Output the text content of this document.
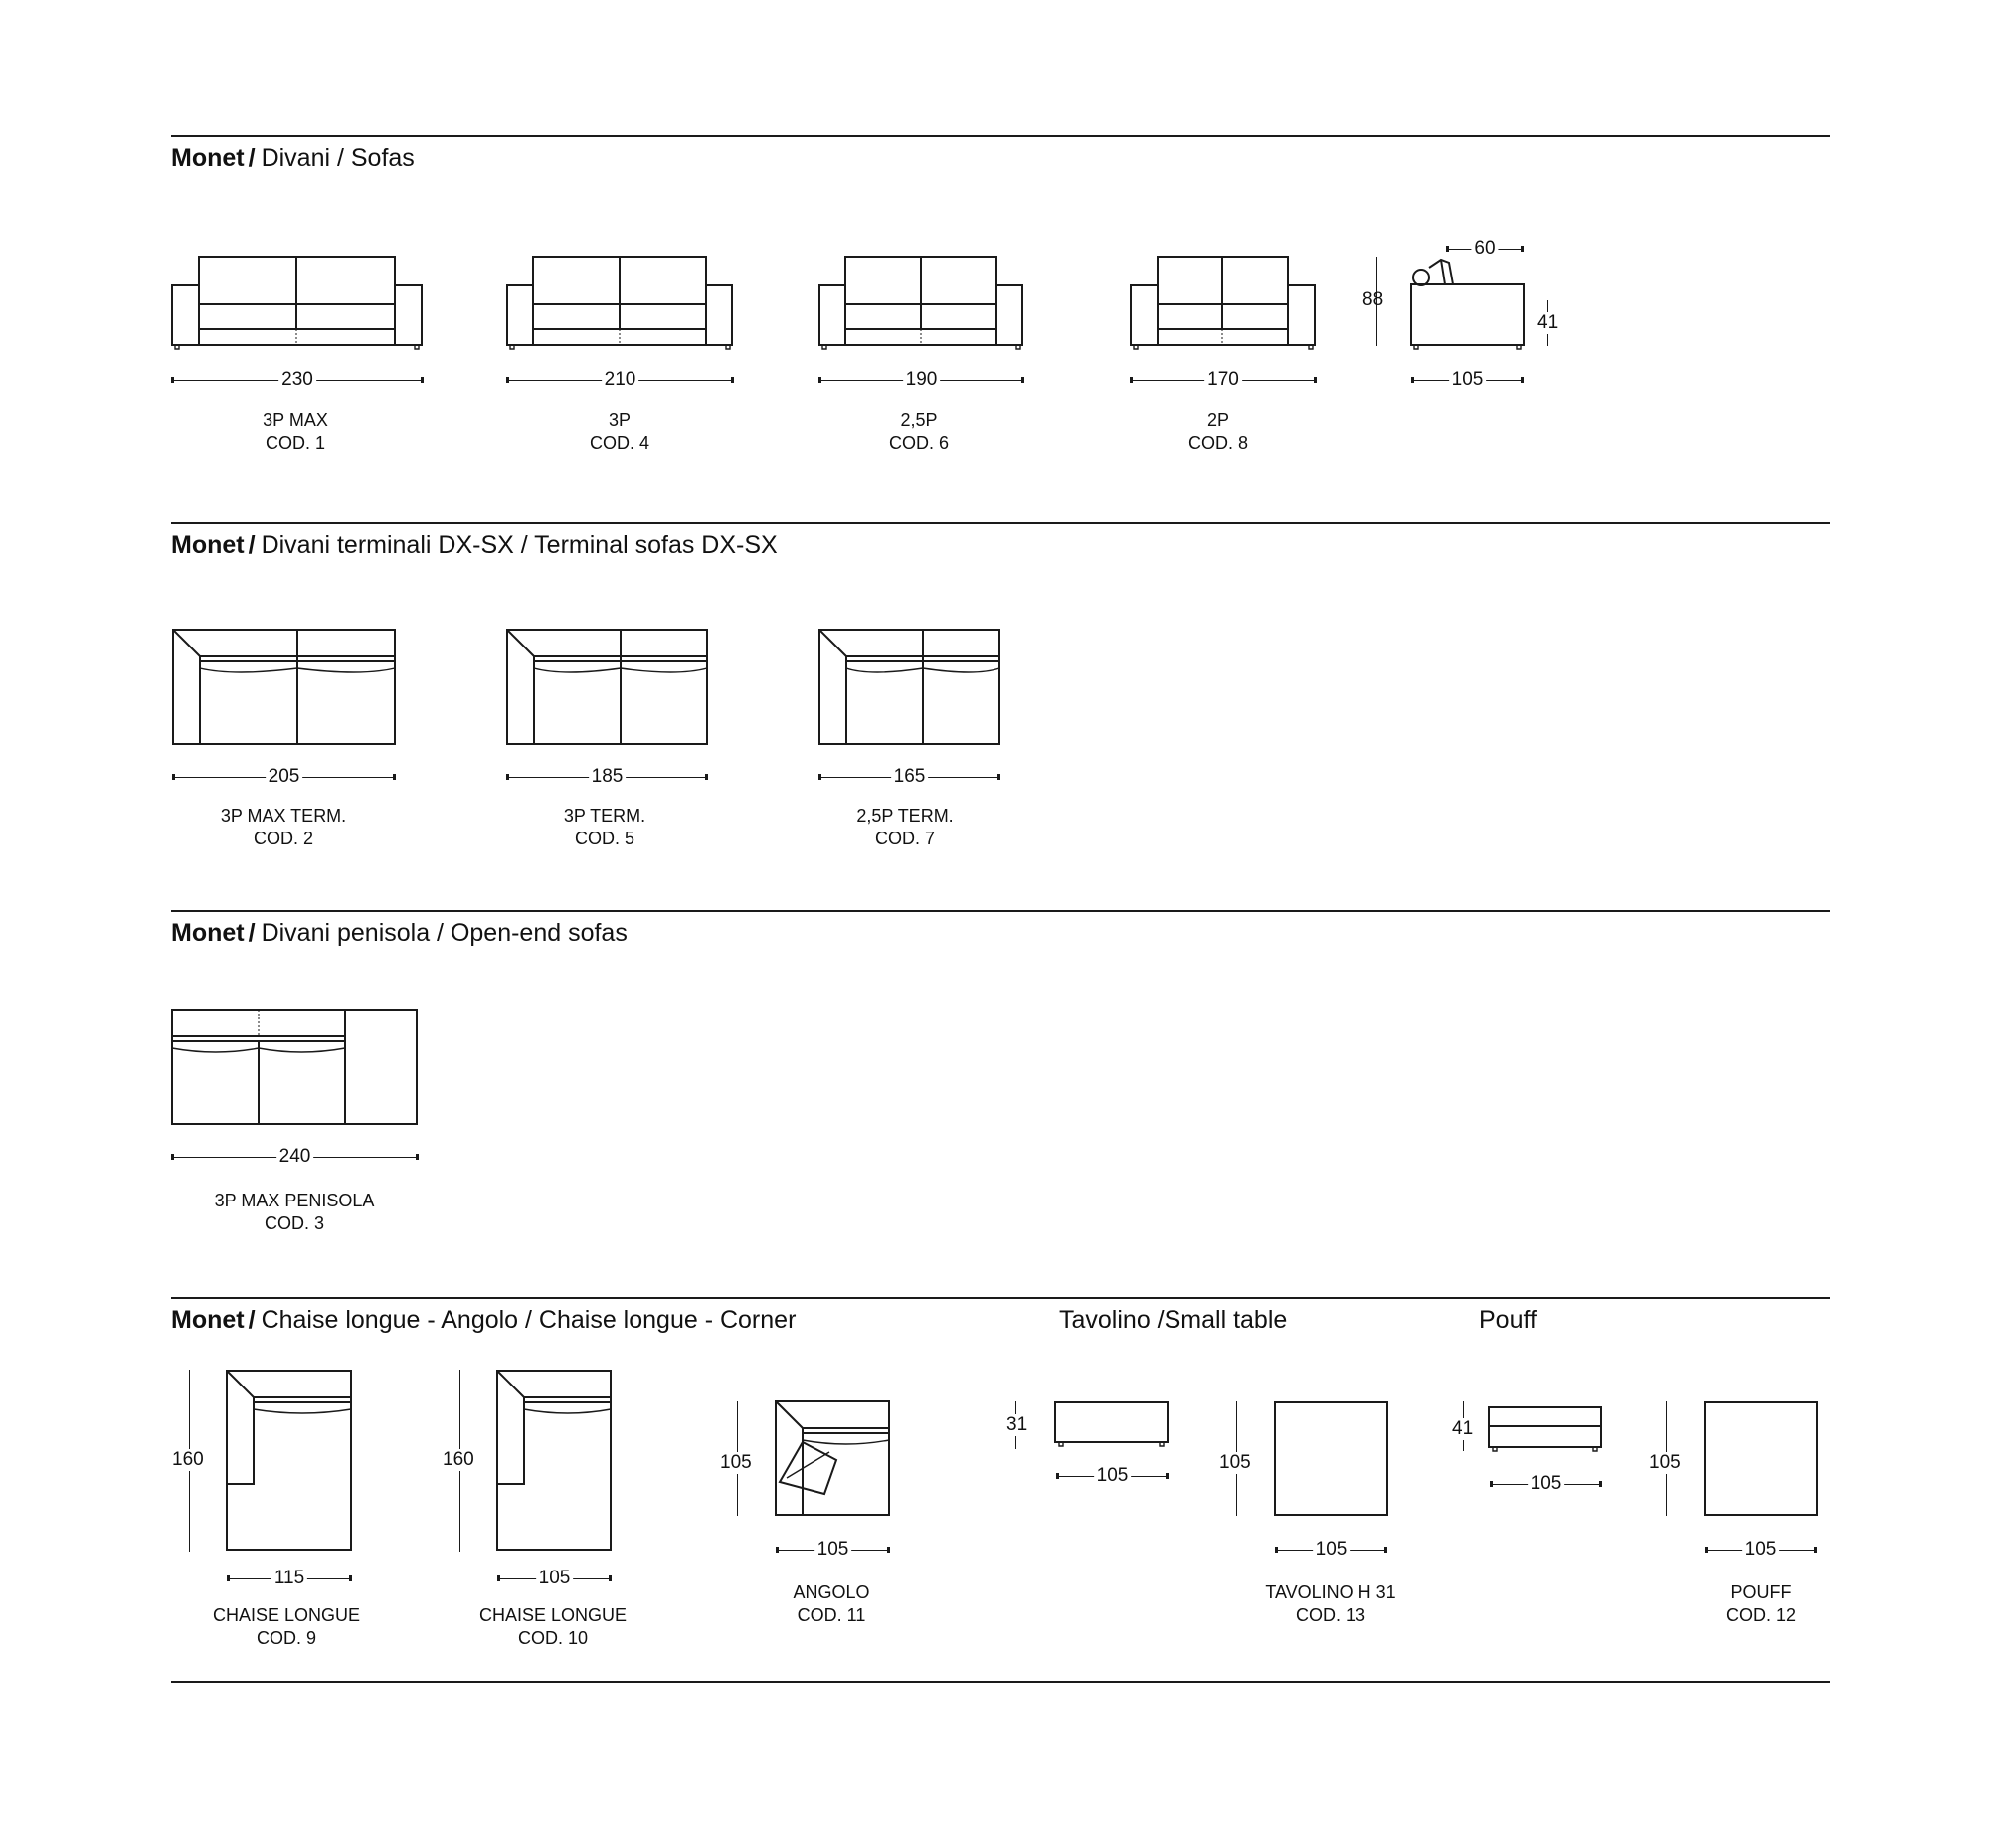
Monet / Divani / Sofas
Monet / Divani terminali DX-SX / Terminal sofas DX-SX
Monet / Divani penisola / Open-end sofas
Monet / Chaise longue - Angolo / Chaise longue - Corner	Tavolino /Small table	Pouff
230
3P MAX
COD. 1
210
3P
COD. 4
190
2,5P
COD. 6
170
2P
COD. 8
88
41
60
105
205
3P MAX TERM.
COD. 2
185
3P TERM.
COD. 5
165
2,5P TERM.
COD. 7
240
3P MAX PENISOLA
COD. 3
160
115
CHAISE LONGUE
COD. 9
160
105
CHAISE LONGUE
COD. 10
105
105
ANGOLO
COD. 11
31
105
105
105
TAVOLINO H 31
COD. 13
41
105
105
105
POUFF
COD. 12
